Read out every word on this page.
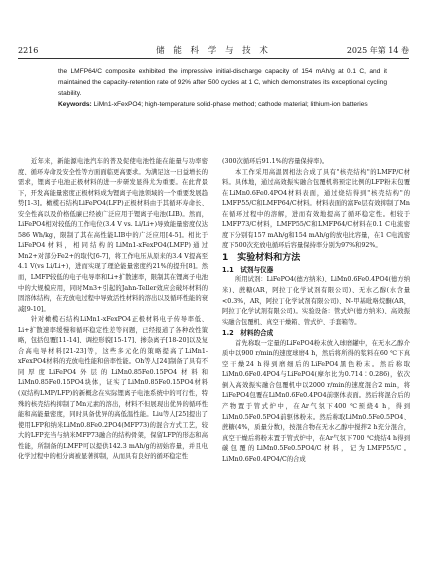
2216	储 能 科 学 与 技 术	2025 年第 14 卷

the LMFP64/C composite exhibited the impressive initial-discharge capacity of 154 mAh/g at 0.1 C, and it maintained the capacity-retention rate of 92% after 500 cycles at 1 C, which demonstrates its exceptional cycling stability.

Keywords: LiMn1-xFexPO4; high-temperature solid-phase method; cathode material; lithium-ion batteries

近年来，新能源电池汽车的普及促使电池性能在能量与功率密度、循环寿命及安全性等方面面临更高要求。为满足这一日益增长的需求，锂离子电池正极材料的进一步研发显得尤为重要。在此背景下，开发高能量密度正极材料成为锂离子电池领域的一个重要发展趋势[1-3]。橄榄石结构LiFePO4(LFP)正极材料由于其循环寿命长、安全性高以及价格低廉已经被广泛应用于锂离子电池(LIB)。然而，LiFePO4相对较低的工作电位(3.4 V vs. Li/Li+)导致能量密度仅达586 Wh/kg，限制了其在高性能LIB中的广泛应用[4-5]。相比于LiFePO4材料，相同结构的LiMn1-xFexPO4(LMFP)通过Mn2+对部分Fe2+的取代[6-7]，将工作电压从原来的3.4 V提高至4.1 V(vs Li/Li+)，进而实现了理论能量密度约21%的提升[8]。然而，LMFP较低的电子电导率和Li+扩散速率，限制其在锂离子电池中的大规模应用，同时Mn3+引起的Jahn-Teller效应会破坏材料的固溶体结构，在充放电过程中导致活性材料的溶出以及循环性能的衰减[9-10]。

针对橄榄石结构LiMn1-xFexPO4正极材料电子传导率低、Li+扩散速率缓慢和循环稳定性差等问题，已经报道了各种改性策略，包括包覆[11-14]、调控形貌[15-17]、掺杂离子[18-20]以及复合高电导材料[21-23]等，这些多元化的策略提高了LiMn1-xFexPO4材料的充放电性能和倍率性能。Oh等人[24]制备了具有不同厚度LiFePO4外层的LiMn0.85Fe0.15PO4材料和LiMn0.85Fe0.15PO4块体，证实了LiMn0.85Fe0.15PO4材料(双结构LMP/LFP)的新概念在实际锂离子电池系统中的可行性，特殊的核壳结构抑制了Mn元素的溶出，材料不但展现出优异的循环性能和高能量密度，同时具备优异的高低温性能。Liu等人[25]提出了使用LFP和纳米LiMn0.8Fe0.2PO4(MFP73)的混合方式工艺，较大的LFP充当与纳米MFP73融合的结构骨架，保留LFP的形态和高性能，所制备的LMFP可以提供142.3 mAh/g的初始容量，并且电化学过程中的相分离被显著抑制，从而具有良好的循环稳定性

(300次循环后91.1%的容量保持率)。

本工作采用高温固相法合成了具有"核壳结构"的LMFP/C材料。具体地，通过高效振实融合包覆机将预定比例的LFP粉末包覆在LiMn0.6Fe0.4PO4材料表面，通过烧结得到"核壳结构"的LMFP55/C和LMFP64/C材料。材料表面的富Fe层有效抑制了Mn在循环过程中的溶解，进而有效地提高了循环稳定性。相较于LMFP73/C材料，LMFP55/C和LMFP64/C材料在0.1 C电流密度下分别有157 mAh/g和154 mAh/g的放电比容量，在1 C电流密度下500次充放电循环后容量保持率分别为97%和92%。

1　实验材料和方法

1.1　试剂与仪器

所用试剂：LiFePO4(德方纳米)、LiMn0.6Fe0.4PO4(德方纳米)、蔗糖(AR，阿拉丁化学试剂有限公司)、无水乙醇(水含量<0.3%，AR，阿拉丁化学试剂有限公司)、N-甲基吡咯烷酮(AR，阿拉丁化学试剂有限公司)。实验设备：管式炉(德方纳米)、高效振实融合包覆机、真空干燥箱、管式炉、手套箱等。

1.2　材料的合成

首先称取一定量的LiFePO4粉末放入球磨罐中，在无水乙醇介质中以900 r/min的速度球磨4 h，然后将所得的浆料在60 ℃下真空干燥24 h得到磨细后的LiFePO4黑色粉末。然后称取LiMn0.6Fe0.4PO4与LiFePO4(摩尔比为0.714∶0.286)，依次倒入高效振实融合包覆机中以2000 r/min的速度混合2 min，将LiFePO4包覆在LiMn0.6Fe0.4PO4前驱体表面。然后将混合后的产物置于管式炉中，在Ar气氛下400 ℃预烧4 h，得到LiMn0.5Fe0.5PO4前驱体粉末。然后称取LiMn0.5Fe0.5PO4、蔗糖(4%，质量分数)，按混合物在无水乙醇中搅拌2 h充分混合，真空干燥后将粉末置于管式炉中，在Ar气氛下700 ℃烧结4 h得到碳包覆的LiMn0.5Fe0.5PO4/C材料，记为LMFP55/C。LiMn0.6Fe0.4PO4/C的合成
